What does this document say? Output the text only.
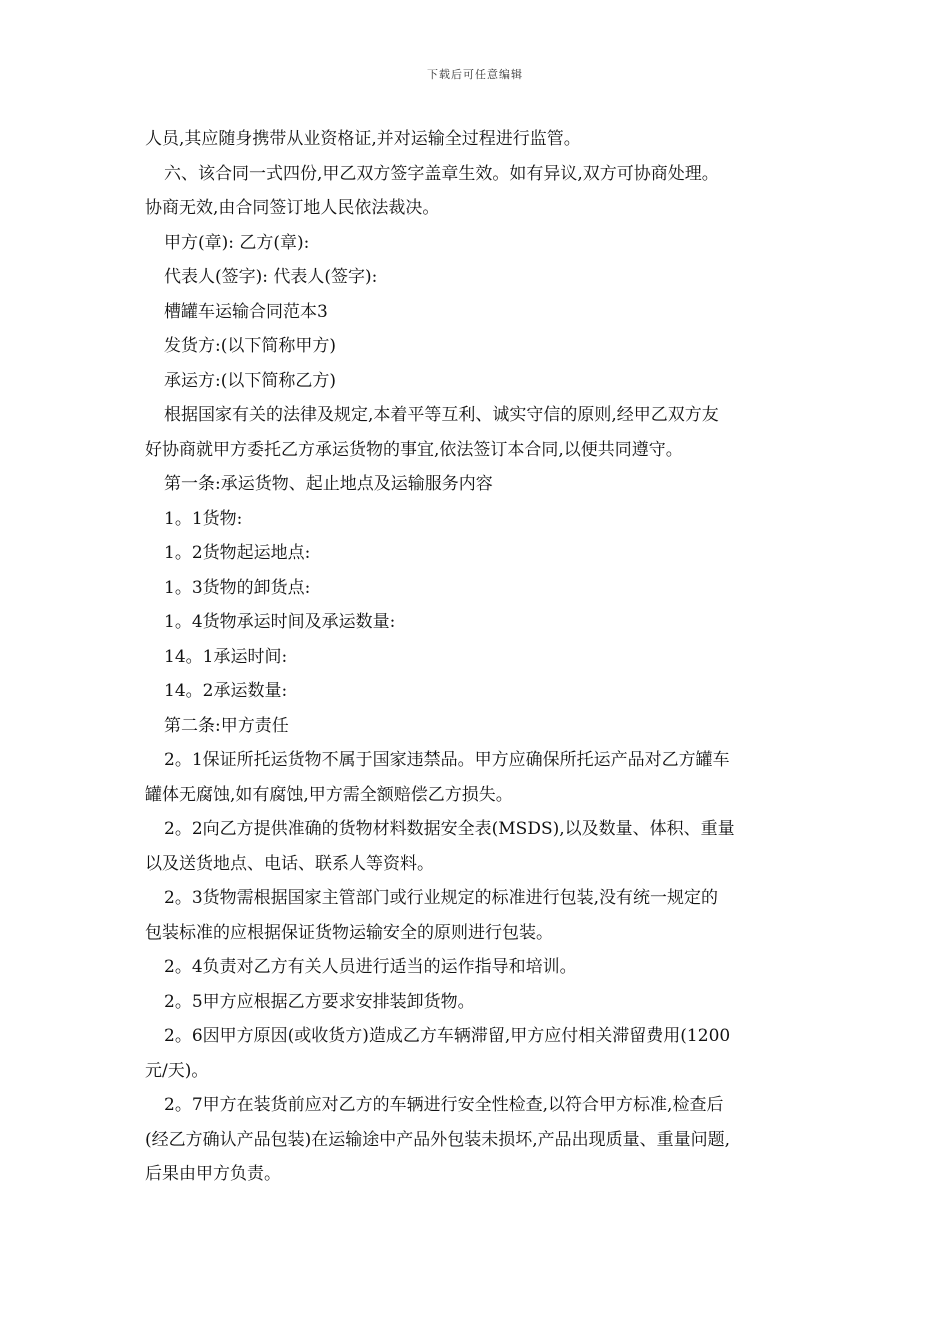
下载后可任意编辑
人员,其应随身携带从业资格证,并对运输全过程进行监管。
六、该合同一式四份,甲乙双方签字盖章生效。如有异议,双方可协商处理。
协商无效,由合同签订地人民依法裁决。
甲方(章): 乙方(章):
代表人(签字): 代表人(签字):
槽罐车运输合同范本3
发货方:(以下简称甲方)
承运方:(以下简称乙方)
根据国家有关的法律及规定,本着平等互利、诚实守信的原则,经甲乙双方友
好协商就甲方委托乙方承运货物的事宜,依法签订本合同,以便共同遵守。
第一条:承运货物、起止地点及运输服务内容
1。1货物:
1。2货物起运地点:
1。3货物的卸货点:
1。4货物承运时间及承运数量:
14。1承运时间:
14。2承运数量:
第二条:甲方责任
2。1保证所托运货物不属于国家违禁品。甲方应确保所托运产品对乙方罐车
罐体无腐蚀,如有腐蚀,甲方需全额赔偿乙方损失。
2。2向乙方提供准确的货物材料数据安全表(MSDS),以及数量、体积、重量
以及送货地点、电话、联系人等资料。
2。3货物需根据国家主管部门或行业规定的标准进行包装,没有统一规定的
包装标准的应根据保证货物运输安全的原则进行包装。
2。4负责对乙方有关人员进行适当的运作指导和培训。
2。5甲方应根据乙方要求安排装卸货物。
2。6因甲方原因(或收货方)造成乙方车辆滞留,甲方应付相关滞留费用(1200
元/天)。
2。7甲方在装货前应对乙方的车辆进行安全性检查,以符合甲方标准,检查后
(经乙方确认产品包装)在运输途中产品外包装未损坏,产品出现质量、重量问题,
后果由甲方负责。
